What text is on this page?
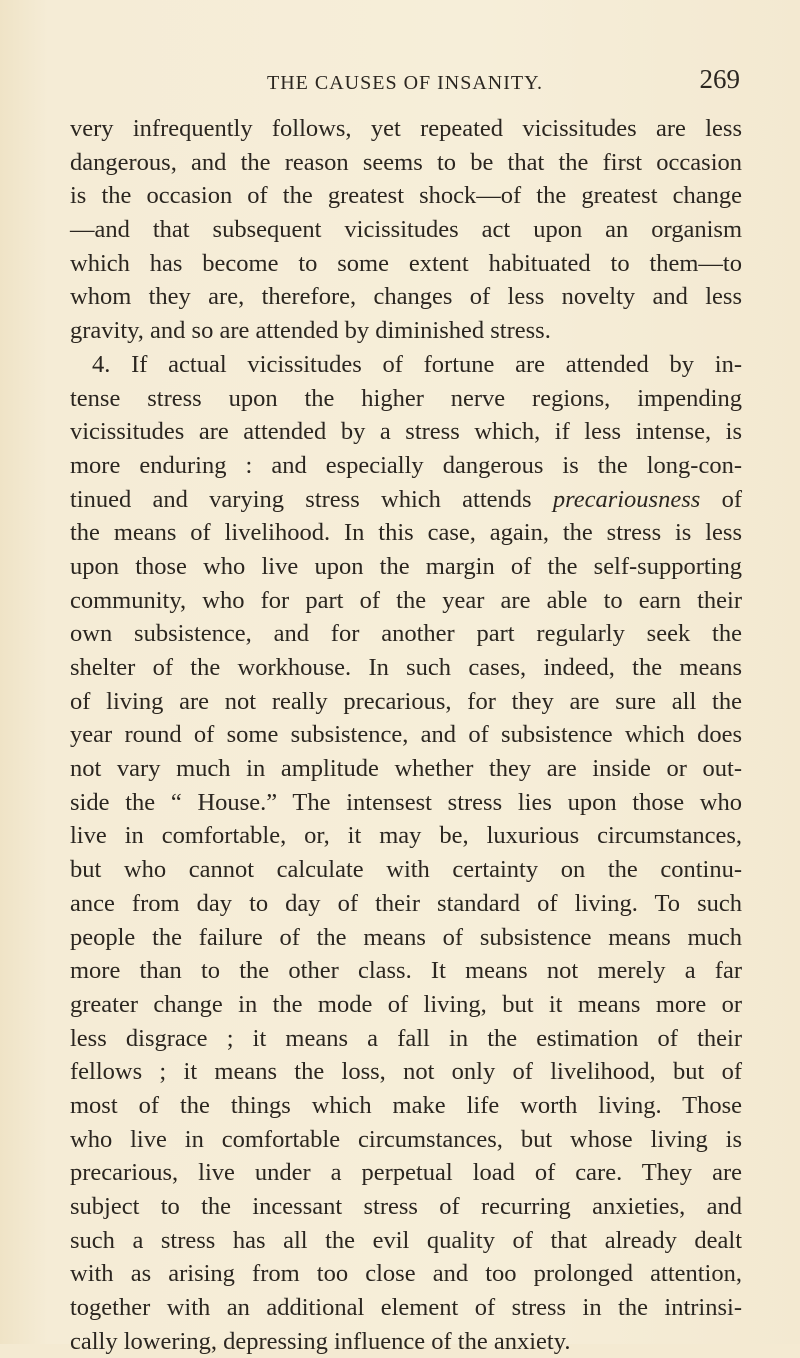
THE CAUSES OF INSANITY.	269
very infrequently follows, yet repeated vicissitudes are less
dangerous, and the reason seems to be that the first occasion
is the occasion of the greatest shock—of the greatest change
—and that subsequent vicissitudes act upon an organism
which has become to some extent habituated to them—to
whom they are, therefore, changes of less novelty and less
gravity, and so are attended by diminished stress.
4. If actual vicissitudes of fortune are attended by in-
tense stress upon the higher nerve regions, impending
vicissitudes are attended by a stress which, if less intense, is
more enduring : and especially dangerous is the long-con-
tinued and varying stress which attends precariousness of
the means of livelihood. In this case, again, the stress is less
upon those who live upon the margin of the self-supporting
community, who for part of the year are able to earn their
own subsistence, and for another part regularly seek the
shelter of the workhouse. In such cases, indeed, the means
of living are not really precarious, for they are sure all the
year round of some subsistence, and of subsistence which does
not vary much in amplitude whether they are inside or out-
side the “ House.” The intensest stress lies upon those who
live in comfortable, or, it may be, luxurious circumstances,
but who cannot calculate with certainty on the continu-
ance from day to day of their standard of living. To such
people the failure of the means of subsistence means much
more than to the other class. It means not merely a far
greater change in the mode of living, but it means more or
less disgrace ; it means a fall in the estimation of their
fellows ; it means the loss, not only of livelihood, but of
most of the things which make life worth living. Those
who live in comfortable circumstances, but whose living is
precarious, live under a perpetual load of care. They are
subject to the incessant stress of recurring anxieties, and
such a stress has all the evil quality of that already dealt
with as arising from too close and too prolonged attention,
together with an additional element of stress in the intrinsi-
cally lowering, depressing influence of the anxiety.
